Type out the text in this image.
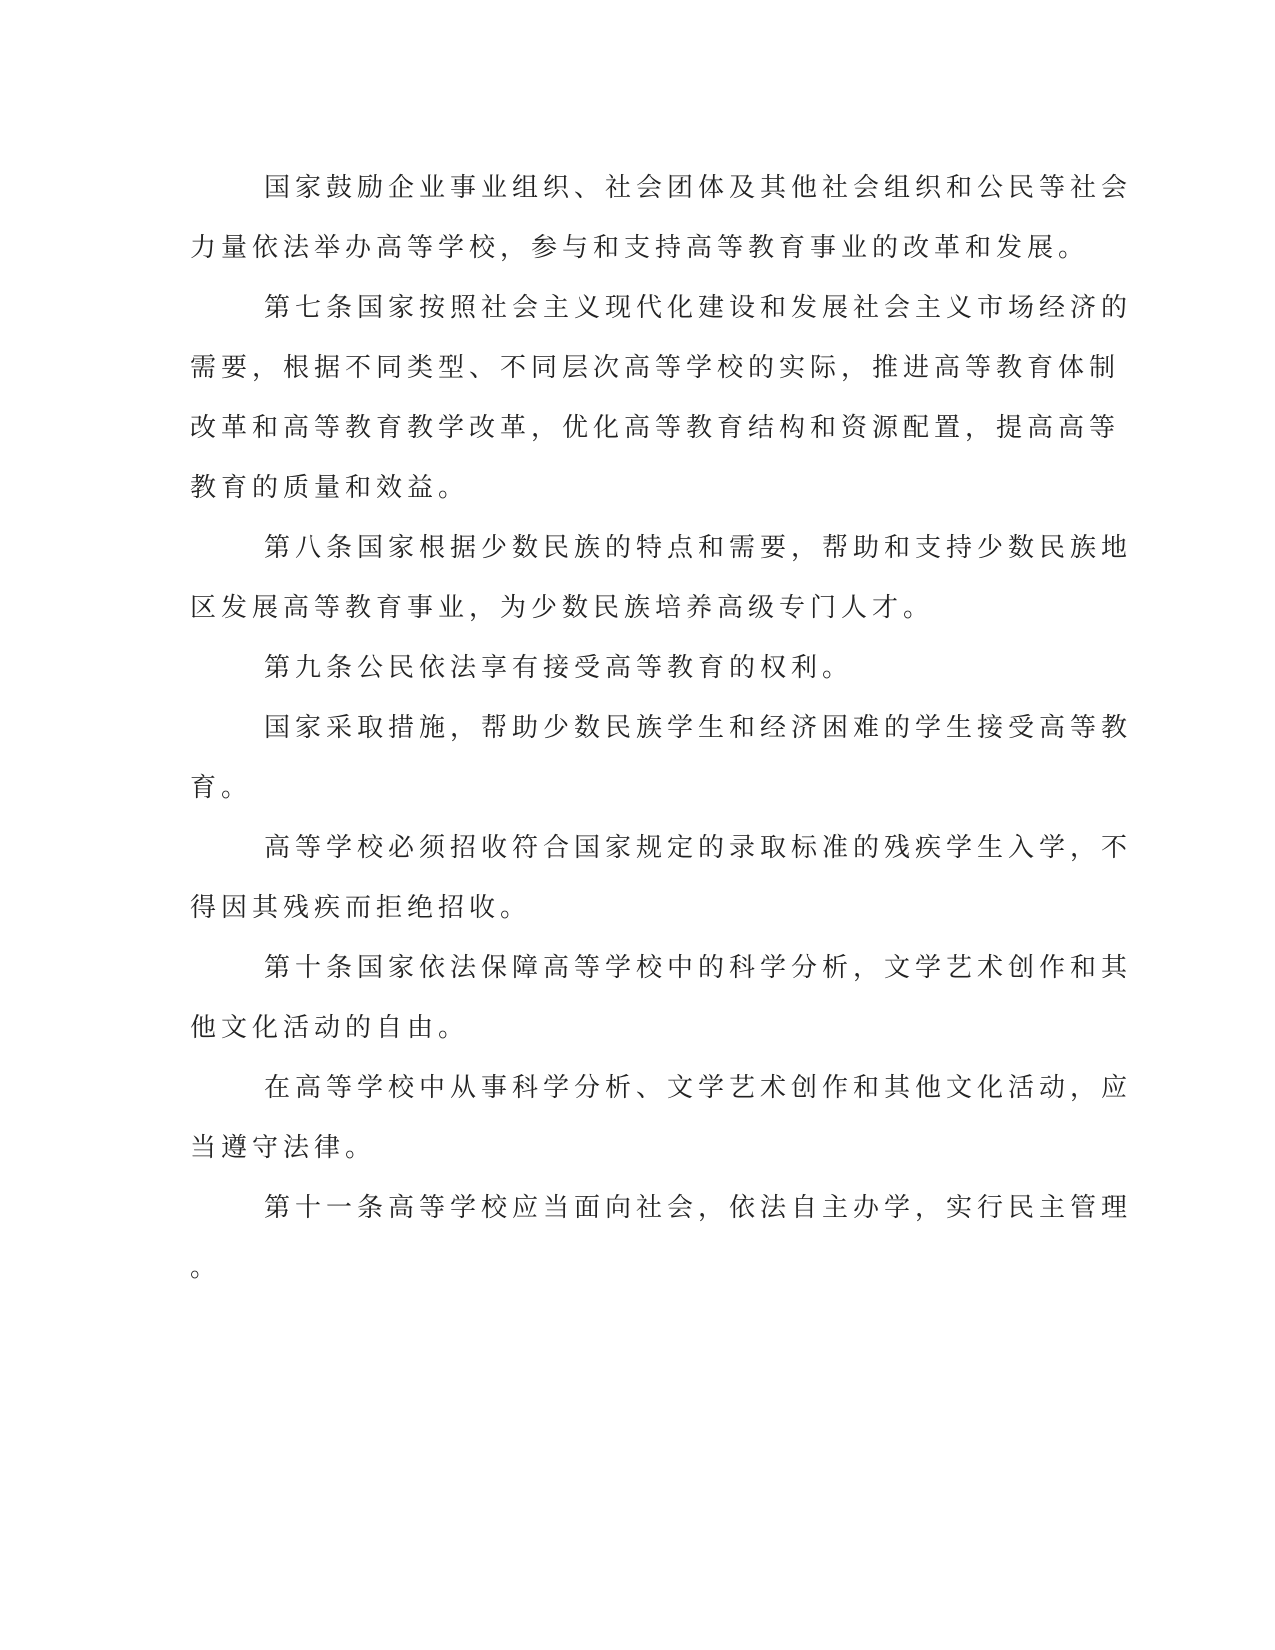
国家鼓励企业事业组织、社会团体及其他社会组织和公民等社会
力量依法举办高等学校，参与和支持高等教育事业的改革和发展。

第七条国家按照社会主义现代化建设和发展社会主义市场经济的
需要，根据不同类型、不同层次高等学校的实际，推进高等教育体制
改革和高等教育教学改革，优化高等教育结构和资源配置，提高高等
教育的质量和效益。

第八条国家根据少数民族的特点和需要，帮助和支持少数民族地
区发展高等教育事业，为少数民族培养高级专门人才。

第九条公民依法享有接受高等教育的权利。

国家采取措施，帮助少数民族学生和经济困难的学生接受高等教
育。

高等学校必须招收符合国家规定的录取标准的残疾学生入学，不
得因其残疾而拒绝招收。

第十条国家依法保障高等学校中的科学分析，文学艺术创作和其
他文化活动的自由。

在高等学校中从事科学分析、文学艺术创作和其他文化活动，应
当遵守法律。

第十一条高等学校应当面向社会，依法自主办学，实行民主管理
。
